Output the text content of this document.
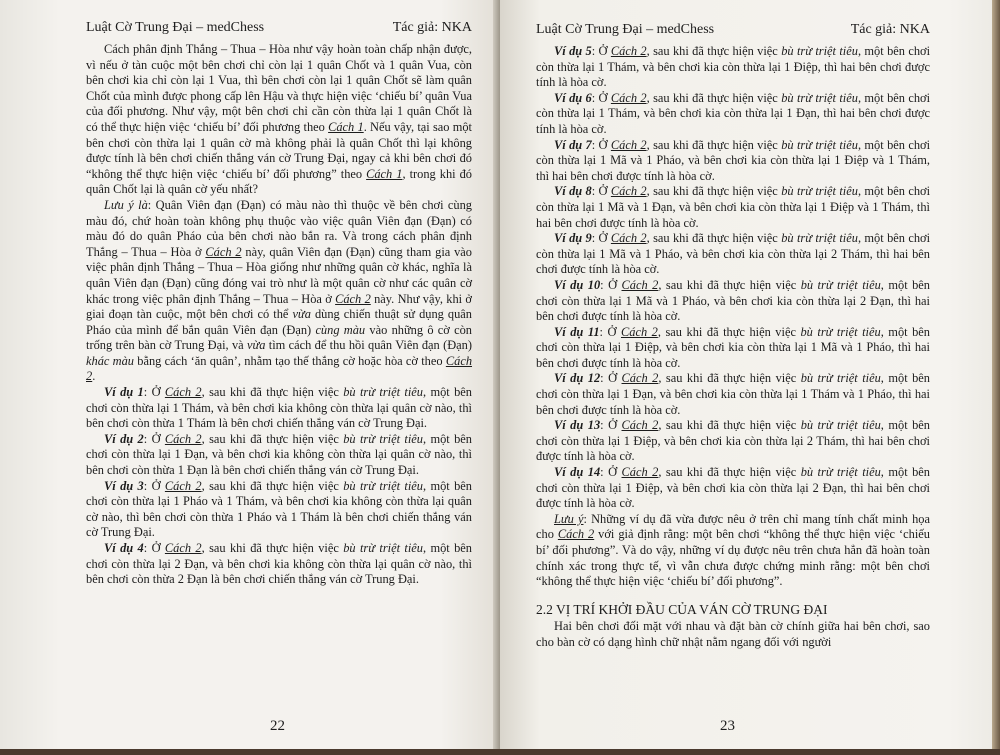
Luật Cờ Trung Đại – medChess	Tác giả: NKA

Cách phân định Thắng – Thua – Hòa như vậy hoàn toàn chấp nhận được, vì nếu ở tàn cuộc một bên chơi chỉ còn lại 1 quân Chốt và 1 quân Vua, còn bên chơi kia chỉ còn lại 1 Vua, thì bên chơi còn lại 1 quân Chốt sẽ làm quân Chốt của mình được phong cấp lên Hậu và thực hiện việc ‘chiếu bí’ quân Vua của đối phương. Như vậy, một bên chơi chỉ cần còn thừa lại 1 quân Chốt là có thể thực hiện việc ‘chiếu bí’ đối phương theo Cách 1. Nếu vậy, tại sao một bên chơi còn thừa lại 1 quân cờ mà không phải là quân Chốt thì lại không được tính là bên chơi chiến thắng ván cờ Trung Đại, ngay cả khi bên chơi đó “không thể thực hiện việc ‘chiếu bí’ đối phương” theo Cách 1, trong khi đó quân Chốt lại là quân cờ yếu nhất?

Lưu ý là: Quân Viên đạn (Đạn) có màu nào thì thuộc về bên chơi cùng màu đó, chứ hoàn toàn không phụ thuộc vào việc quân Viên đạn (Đạn) có màu đó do quân Pháo của bên chơi nào bắn ra. Và trong cách phân định Thắng – Thua – Hòa ở Cách 2 này, quân Viên đạn (Đạn) cũng tham gia vào việc phân định Thắng – Thua – Hòa giống như những quân cờ khác, nghĩa là quân Viên đạn (Đạn) cũng đóng vai trò như là một quân cờ như các quân cờ khác trong việc phân định Thắng – Thua – Hòa ở Cách 2 này. Như vậy, khi ở giai đoạn tàn cuộc, một bên chơi có thể vừa dùng chiến thuật sử dụng quân Pháo của mình để bắn quân Viên đạn (Đạn) cùng màu vào những ô cờ còn trống trên bàn cờ Trung Đại, và vừa tìm cách để thu hồi quân Viên đạn (Đạn) khác màu bằng cách ‘ăn quân’, nhằm tạo thế thắng cờ hoặc hòa cờ theo Cách 2.

Ví dụ 1: Ở Cách 2, sau khi đã thực hiện việc bù trừ triệt tiêu, một bên chơi còn thừa lại 1 Thám, và bên chơi kia không còn thừa lại quân cờ nào, thì bên chơi còn thừa 1 Thám là bên chơi chiến thắng ván cờ Trung Đại.

Ví dụ 2: Ở Cách 2, sau khi đã thực hiện việc bù trừ triệt tiêu, một bên chơi còn thừa lại 1 Đạn, và bên chơi kia không còn thừa lại quân cờ nào, thì bên chơi còn thừa 1 Đạn là bên chơi chiến thắng ván cờ Trung Đại.

Ví dụ 3: Ở Cách 2, sau khi đã thực hiện việc bù trừ triệt tiêu, một bên chơi còn thừa lại 1 Pháo và 1 Thám, và bên chơi kia không còn thừa lại quân cờ nào, thì bên chơi còn thừa 1 Pháo và 1 Thám là bên chơi chiến thắng ván cờ Trung Đại.

Ví dụ 4: Ở Cách 2, sau khi đã thực hiện việc bù trừ triệt tiêu, một bên chơi còn thừa lại 2 Đạn, và bên chơi kia không còn thừa lại quân cờ nào, thì bên chơi còn thừa 2 Đạn là bên chơi chiến thắng ván cờ Trung Đại.

22
Luật Cờ Trung Đại – medChess	Tác giả: NKA

Ví dụ 5: Ở Cách 2, sau khi đã thực hiện việc bù trừ triệt tiêu, một bên chơi còn thừa lại 1 Thám, và bên chơi kia còn thừa lại 1 Điệp, thì hai bên chơi được tính là hòa cờ.

Ví dụ 6: Ở Cách 2, sau khi đã thực hiện việc bù trừ triệt tiêu, một bên chơi còn thừa lại 1 Thám, và bên chơi kia còn thừa lại 1 Đạn, thì hai bên chơi được tính là hòa cờ.

Ví dụ 7: Ở Cách 2, sau khi đã thực hiện việc bù trừ triệt tiêu, một bên chơi còn thừa lại 1 Mã và 1 Pháo, và bên chơi kia còn thừa lại 1 Điệp và 1 Thám, thì hai bên chơi được tính là hòa cờ.

Ví dụ 8: Ở Cách 2, sau khi đã thực hiện việc bù trừ triệt tiêu, một bên chơi còn thừa lại 1 Mã và 1 Đạn, và bên chơi kia còn thừa lại 1 Điệp và 1 Thám, thì hai bên chơi được tính là hòa cờ.

Ví dụ 9: Ở Cách 2, sau khi đã thực hiện việc bù trừ triệt tiêu, một bên chơi còn thừa lại 1 Mã và 1 Pháo, và bên chơi kia còn thừa lại 2 Thám, thì hai bên chơi được tính là hòa cờ.

Ví dụ 10: Ở Cách 2, sau khi đã thực hiện việc bù trừ triệt tiêu, một bên chơi còn thừa lại 1 Mã và 1 Pháo, và bên chơi kia còn thừa lại 2 Đạn, thì hai bên chơi được tính là hòa cờ.

Ví dụ 11: Ở Cách 2, sau khi đã thực hiện việc bù trừ triệt tiêu, một bên chơi còn thừa lại 1 Điệp, và bên chơi kia còn thừa lại 1 Mã và 1 Pháo, thì hai bên chơi được tính là hòa cờ.

Ví dụ 12: Ở Cách 2, sau khi đã thực hiện việc bù trừ triệt tiêu, một bên chơi còn thừa lại 1 Đạn, và bên chơi kia còn thừa lại 1 Thám và 1 Pháo, thì hai bên chơi được tính là hòa cờ.

Ví dụ 13: Ở Cách 2, sau khi đã thực hiện việc bù trừ triệt tiêu, một bên chơi còn thừa lại 1 Điệp, và bên chơi kia còn thừa lại 2 Thám, thì hai bên chơi được tính là hòa cờ.

Ví dụ 14: Ở Cách 2, sau khi đã thực hiện việc bù trừ triệt tiêu, một bên chơi còn thừa lại 1 Điệp, và bên chơi kia còn thừa lại 2 Đạn, thì hai bên chơi được tính là hòa cờ.

Lưu ý: Những ví dụ đã vừa được nêu ở trên chỉ mang tính chất minh họa cho Cách 2 với giả định rằng: một bên chơi “không thể thực hiện việc ‘chiếu bí’ đối phương”. Và do vậy, những ví dụ được nêu trên chưa hẳn đã hoàn toàn chính xác trong thực tế, vì vẫn chưa được chứng minh rằng: một bên chơi “không thể thực hiện việc ‘chiếu bí’ đối phương”.

2.2 VỊ TRÍ KHỞI ĐẦU CỦA VÁN CỜ TRUNG ĐẠI

Hai bên chơi đối mặt với nhau và đặt bàn cờ chính giữa hai bên chơi, sao cho bàn cờ có dạng hình chữ nhật nằm ngang đối với người

23
